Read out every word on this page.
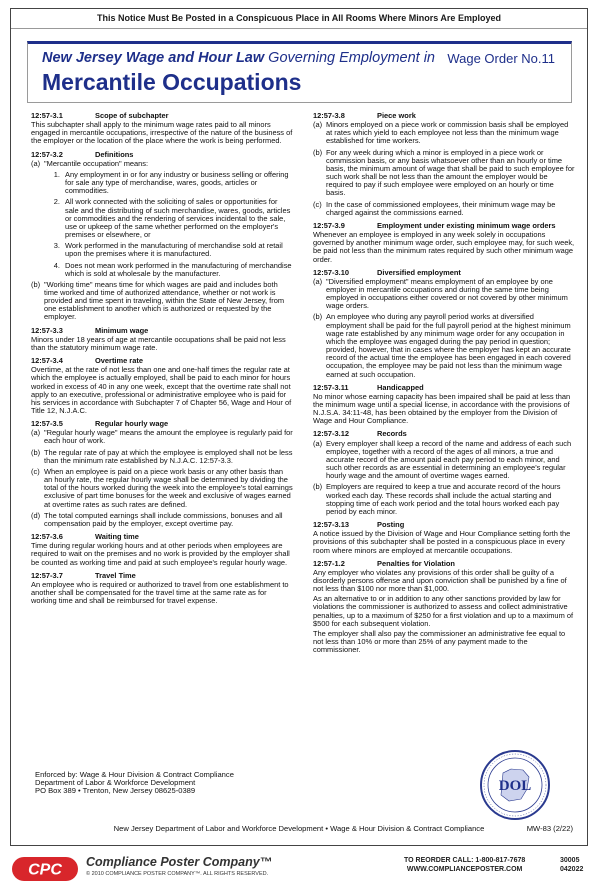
This Notice Must Be Posted in a Conspicuous Place in All Rooms Where Minors Are Employed
New Jersey Wage and Hour Law Governing Employment in Wage Order No.11
Mercantile Occupations
12:57-3.1	Scope of subchapter

This subchapter shall apply to the minimum wage rates paid to all minors engaged in mercantile occupations, irrespective of the nature of the business of the employer or the location of the place where the work is being performed.

12:57-3.2	Definitions
(a) "Mercantile occupation" means:
1. Any employment in or for any industry or business selling or offering for sale any type of merchandise, wares, goods, articles or commodities.
2. All work connected with the soliciting of sales or opportunities for sale and the distributing of such merchandise, wares, goods, articles or commodities and the rendering of services incidental to the sale, use or upkeep of the same whether performed on the employer's premises or elsewhere, or
3. Work performed in the manufacturing of merchandise sold at retail upon the premises where it is manufactured.
4. Does not mean work performed in the manufacturing of merchandise which is sold at wholesale by the manufacturer.
(b) "Working time" means time for which wages are paid and includes both time worked and time of authorized attendance, whether or not work is provided and time spent in traveling, within the State of New Jersey, from one establishment to another which is authorized or requested by the employer.
12:57-3.3	Minimum wage

Minors under 18 years of age at mercantile occupations shall be paid not less than the statutory minimum wage rate.

12:57-3.4	Overtime rate

Overtime, at the rate of not less than one and one-half times the regular rate at which the employee is actually employed, shall be paid to each minor for hours worked in excess of 40 in any one week, except that the overtime rate shall not apply to an executive, professional or administrative employee who is paid for his services in accordance with Subchapter 7 of Chapter 56, Wage and Hour of Title 12, N.J.A.C.

12:57-3.5	Regular hourly wage
(a) "Regular hourly wage" means the amount the employee is regularly paid for each hour of work.
(b) The regular rate of pay at which the employee is employed shall not be less than the minimum rate established by N.J.A.C. 12:57-3.3.
(c) When an employee is paid on a piece work basis or any other basis than an hourly rate, the regular hourly wage shall be determined by dividing the total of the hours worked during the week into the employee's total earnings exclusive of part time bonuses for the week and exclusive of wages earned at overtime rates as such rates are defined.
(d) The total computed earnings shall include commissions, bonuses and all compensation paid by the employer, except overtime pay.
12:57-3.6	Waiting time

Time during regular working hours and at other periods when employees are required to wait on the premises and no work is provided by the employer shall be counted as working time and paid at such employee's regular hourly wage.

12:57-3.7	Travel Time

An employee who is required or authorized to travel from one establishment to another shall be compensated for the travel time at the same rate as for working time and shall be reimbursed for travel expense.

12:57-3.8	Piece work
(a) Minors employed on a piece work or commission basis shall be employed at rates which yield to each employee not less than the minimum wage established for time workers.
(b) For any week during which a minor is employed in a piece work or commission basis, or any basis whatsoever other than an hourly or time basis, the minimum amount of wage that shall be paid to such employee for such work shall be not less than the amount the employer would be required to pay if such employee were employed on an hourly or time basis.
(c) In the case of commissioned employees, their minimum wage may be charged against the commissions earned.
12:57-3.9	Employment under existing minimum wage orders

Whenever an employee is employed in any week solely in occupations governed by another minimum wage order, such employee may, for such week, be paid not less than the minimum rates required by such other minimum wage order.

12:57-3.10	Diversified employment
(a) "Diversified employment" means employment of an employee by one employer in mercantile occupations and during the same time being employed in occupations either covered or not covered by other minimum wage orders.
(b) An employee who during any payroll period works at diversified employment shall be paid for the full payroll period at the highest minimum wage rate established by any minimum wage order for any occupation in which the employee was engaged during the pay period in question; provided, however, that in cases where the employer has kept an accurate record of the actual time the employee has been engaged in each covered occupation, the employee may be paid not less than the minimum wage earned at such occupation.
12:57-3.11	Handicapped

No minor whose earning capacity has been impaired shall be paid at less than the minimum wage until a special license, in accordance with the provisions of N.J.S.A. 34:11-48, has been obtained by the employer from the Division of Wage and Hour Compliance.

12:57-3.12	Records
(a) Every employer shall keep a record of the name and address of each such employee, together with a record of the ages of all minors, a true and accurate record of the amount paid each pay period to each minor, and such other records as are essential in determining an employee's regular hourly wage and the amount of overtime wages earned.
(b) Employers are required to keep a true and accurate record of the hours worked each day. These records shall include the actual starting and stopping time of each work period and the total hours worked each pay period by each minor.
12:57-3.13	Posting

A notice issued by the Division of Wage and Hour Compliance setting forth the provisions of this subchapter shall be posted in a conspicuous place in every room where minors are employed at mercantile occupations.

12:57-1.2	Penalties for Violation

Any employer who violates any provisions of this order shall be guilty of a disorderly persons offense and upon conviction shall be punished by a fine of not less than $100 nor more than $1,000.

As an alternative to or in addition to any other sanctions provided by law for violations the commissioner is authorized to assess and collect administrative penalties, up to a maximum of $250 for a first violation and up to a maximum of $500 for each subsequent violation.

The employer shall also pay the commissioner an administrative fee equal to not less than 10% or more than 25% of any payment made to the commissioner.

Enforced by: Wage & Hour Division & Contract Compliance
Department of Labor & Workforce Development
PO Box 389 • Trenton, New Jersey 08625-0389	DOL
New Jersey Department of Labor and Workforce Development • Wage & Hour Division & Contract Compliance	MW-83 (2/22)
CPC Compliance Poster Company™
© 2010 COMPLIANCE POSTER COMPANY™. ALL RIGHTS RESERVED.
TO REORDER CALL: 1-800-817-7678
WWW.COMPLIANCEPOSTER.COM
30005
042022
